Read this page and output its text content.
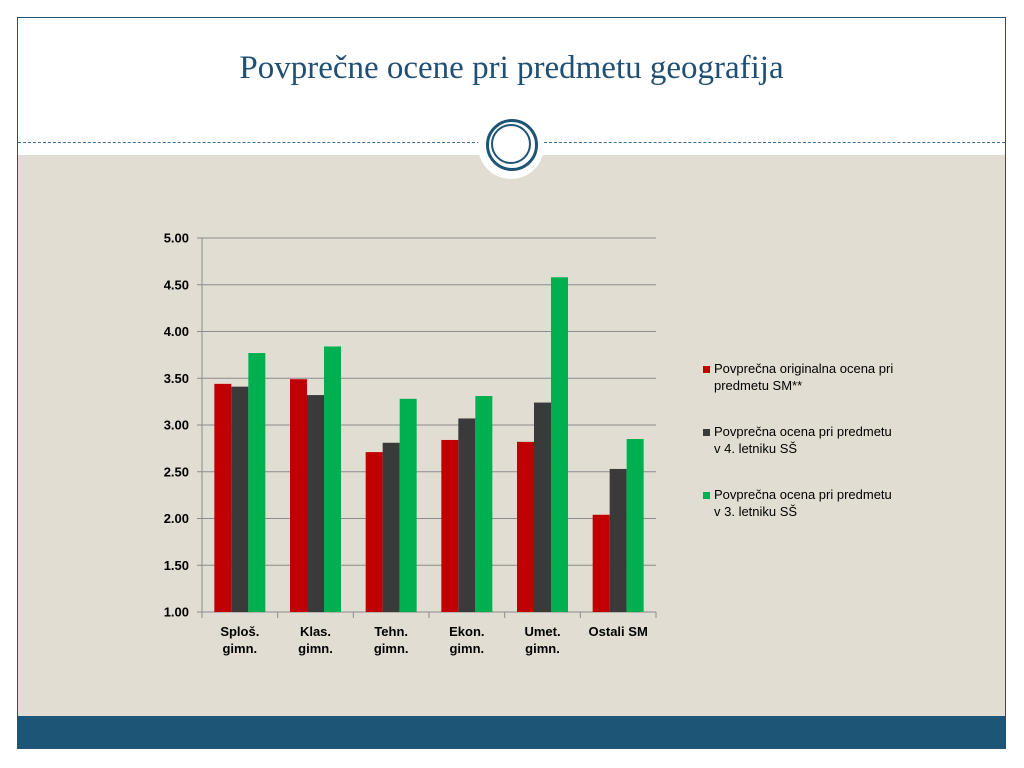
Povprečne ocene pri predmetu geografija
1.00
1.50
2.00
2.50
3.00
3.50
4.00
4.50
5.00
Sploš.
gimn.
Klas.
gimn.
Tehn.
gimn.
Ekon.
gimn.
Umet.
gimn.
Ostali SM
Povprečna originalna ocena pri
predmetu SM**
Povprečna ocena pri predmetu
v 4. letniku SŠ
Povprečna ocena pri predmetu
v 3. letniku SŠ
